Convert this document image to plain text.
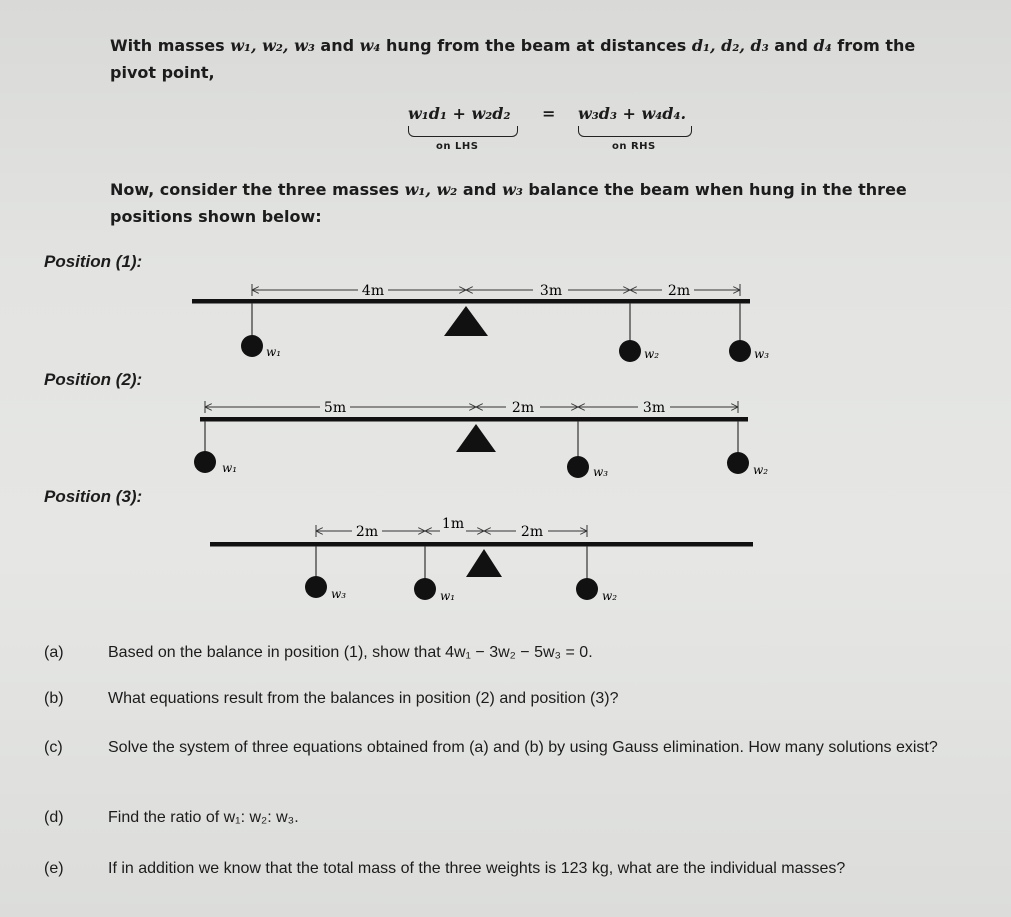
With masses w₁, w₂, w₃ and w₄ hung from the beam at distances d₁, d₂, d₃ and d₄ from the pivot point,
w₁d₁ + w₂d₂ = w₃d₃ + w₄d₄.
on LHS	on RHS
Now, consider the three masses w₁, w₂ and w₃ balance the beam when hung in the three positions shown below:
Position (1):
Position (2):
Position (3):
4m	3m	2m
w₁	w₂	w₃
5m	2m	3m
w₁	w₃	w₂
2m	1m	2m
w₃	w₁	w₂
(a)	Based on the balance in position (1), show that 4w₁ − 3w₂ − 5w₃ = 0.
(b)	What equations result from the balances in position (2) and position (3)?
(c)	Solve the system of three equations obtained from (a) and (b) by using Gauss elimination. How many solutions exist?
(d)	Find the ratio of w₁: w₂: w₃.
(e)	If in addition we know that the total mass of the three weights is 123 kg, what are the individual masses?
